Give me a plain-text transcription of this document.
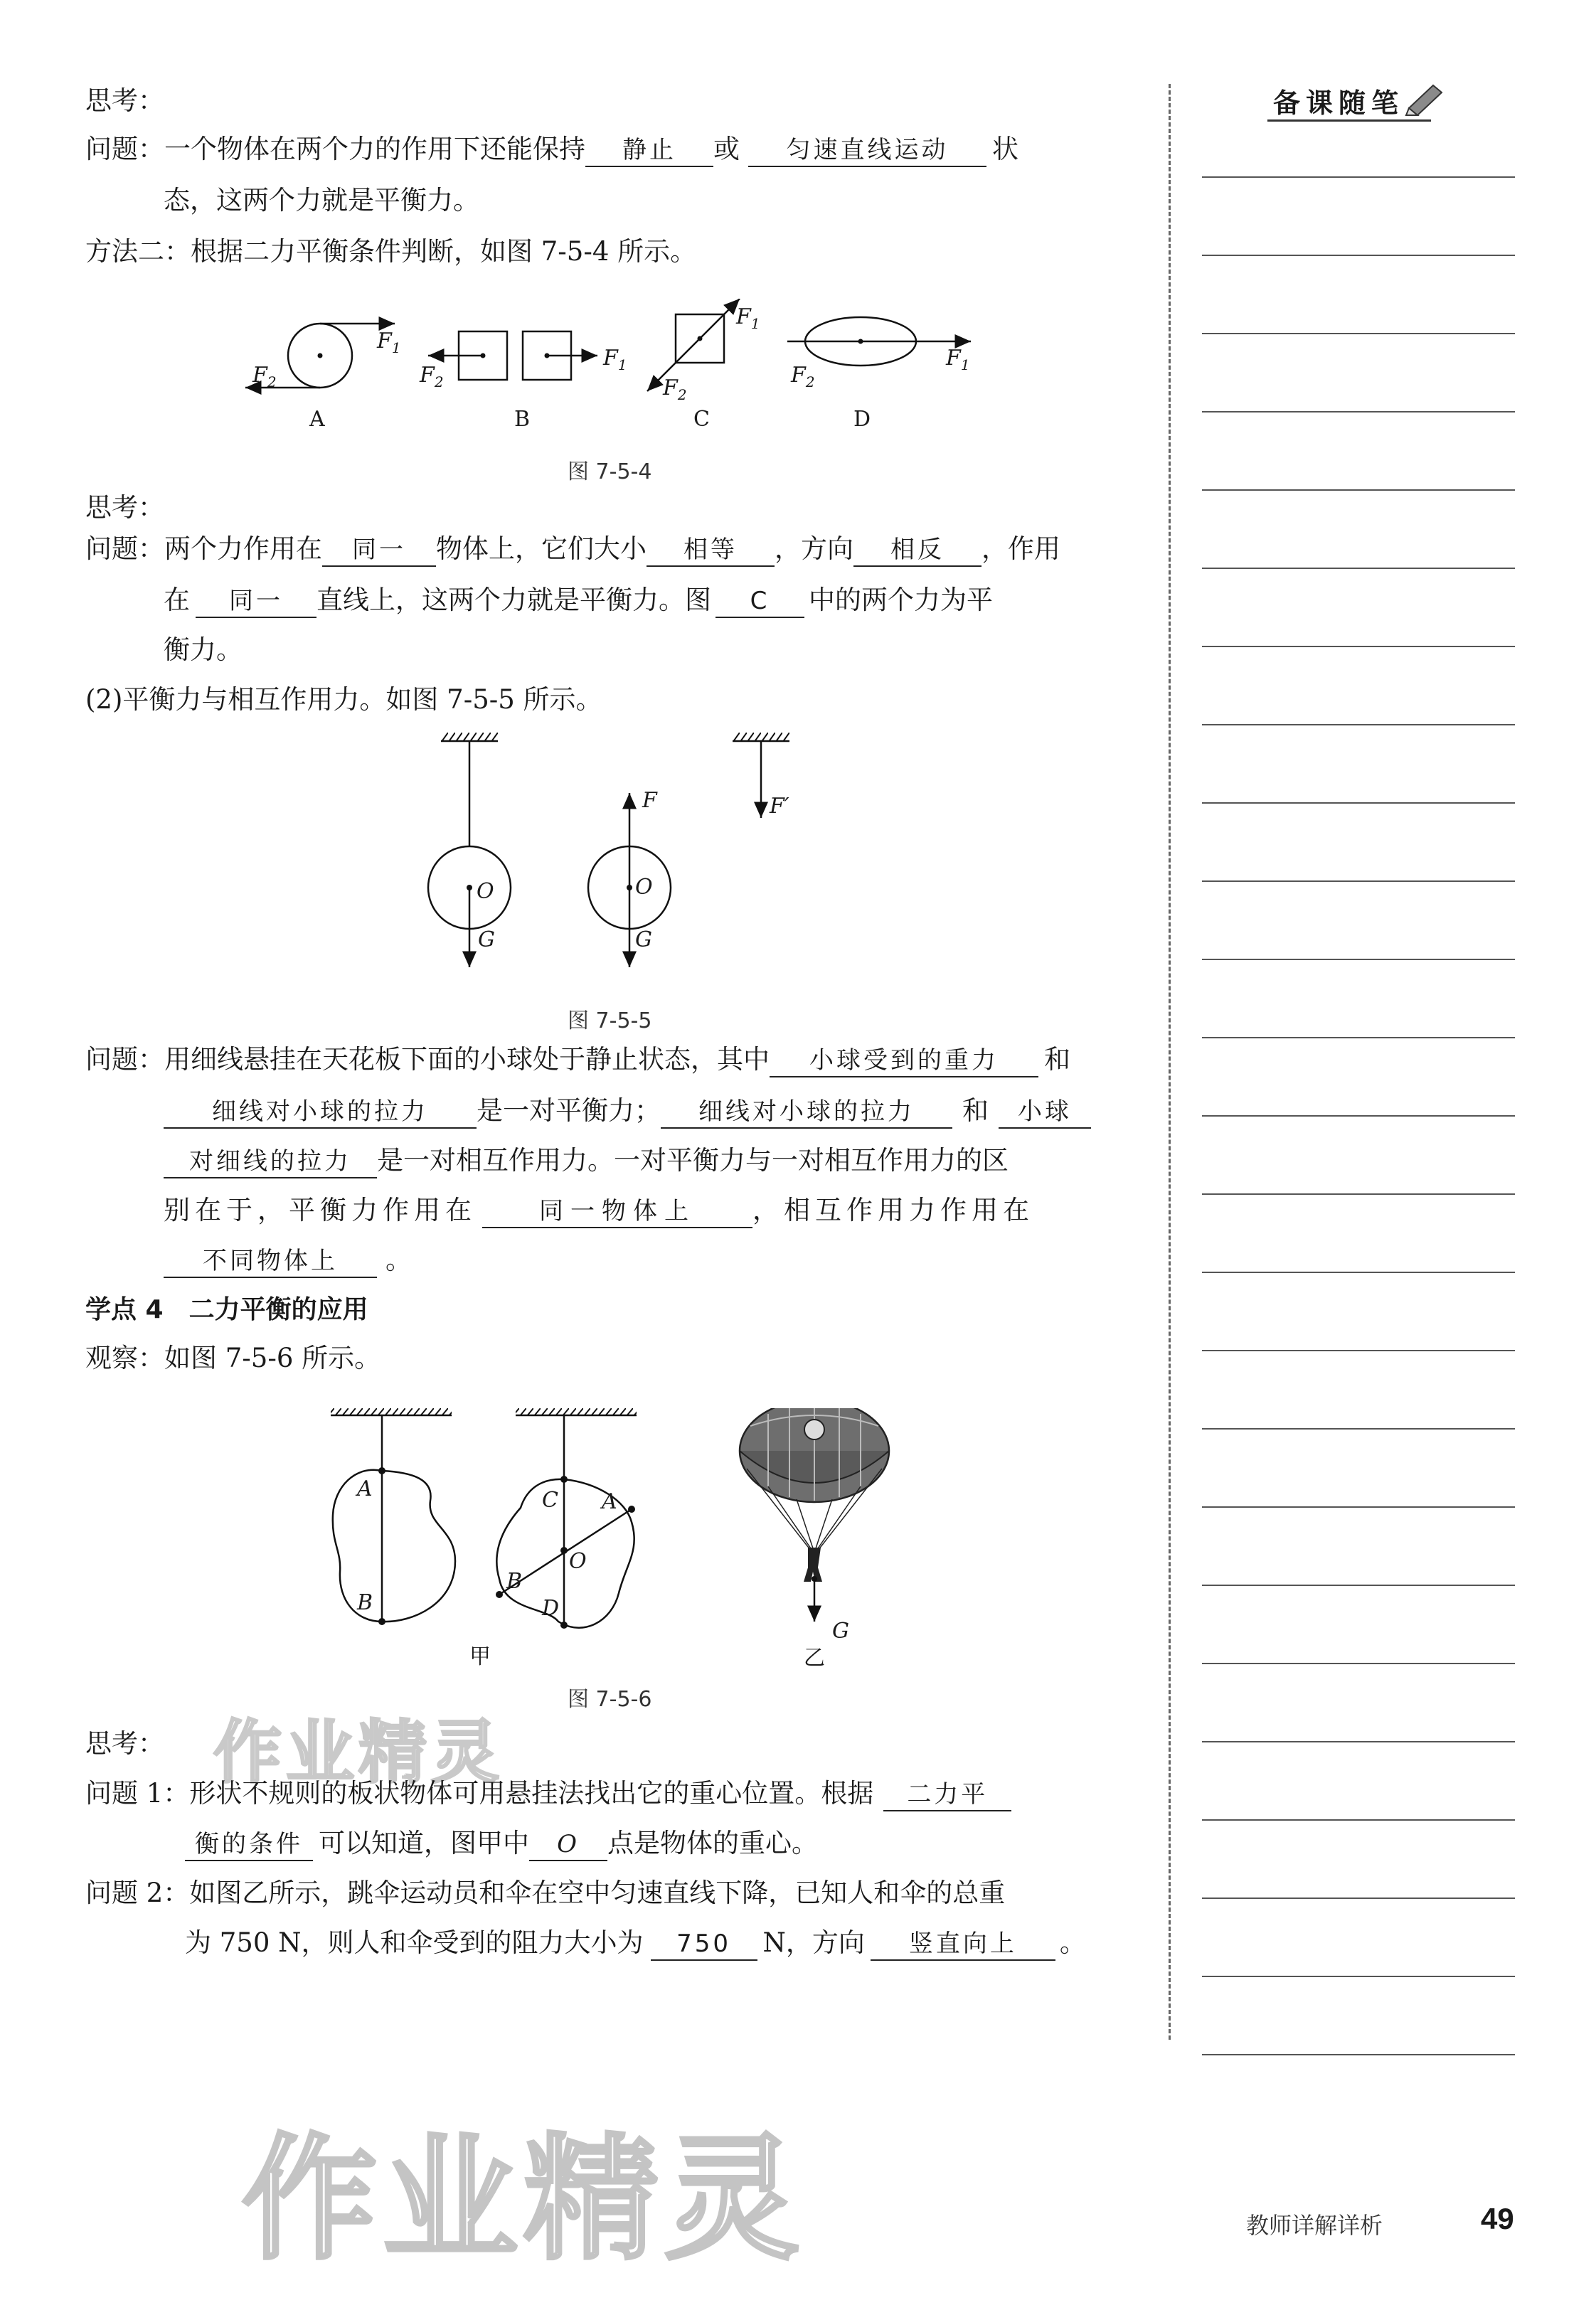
备课随笔
思考：
问题：一个物体在两个力的作用下还能保持 静止 或 匀速直线运动 状
态，这两个力就是平衡力。
方法二：根据二力平衡条件判断，如图 7-5-4 所示。
$F_1$
$F_2$	$F_2$
$F_1$
$F_1$
$F_2$
$F_2$
$F_1$
A	B	C	D
图 7-5-4
思考：
问题：两个力作用在 同一 物体上，它们大小 相等 ，方向 相反 ，作用
在 同一 直线上，这两个力就是平衡力。图 C 中的两个力为平
衡力。
(2)平衡力与相互作用力。如图 7-5-5 所示。
O
G
O
G
F	F′
图 7-5-5
问题：用细线悬挂在天花板下面的小球处于静止状态，其中 小球受到的重力 和
细线对小球的拉力 是一对平衡力； 细线对小球的拉力 和 小球
对细线的拉力 是一对相互作用力。一对平衡力与一对相互作用力的区
别在于，平衡力作用在	同一物体上 ，相互作用力作用在
不同物体上 。
学点 4　二力平衡的应用
观察：如图 7-5-6 所示。
A
B
C A
O
B
D
G
甲	乙
图 7-5-6
作业精灵
思考：
问题 1：形状不规则的板状物体可用悬挂法找出它的重心位置。根据 二力平
衡的条件 可以知道，图甲中 O 点是物体的重心。
问题 2：如图乙所示，跳伞运动员和伞在空中匀速直线下降，已知人和伞的总重
为 750 N，则人和伞受到的阻力大小为 750 N，方向 竖直向上 。
作业精灵	教师详解详析	49
